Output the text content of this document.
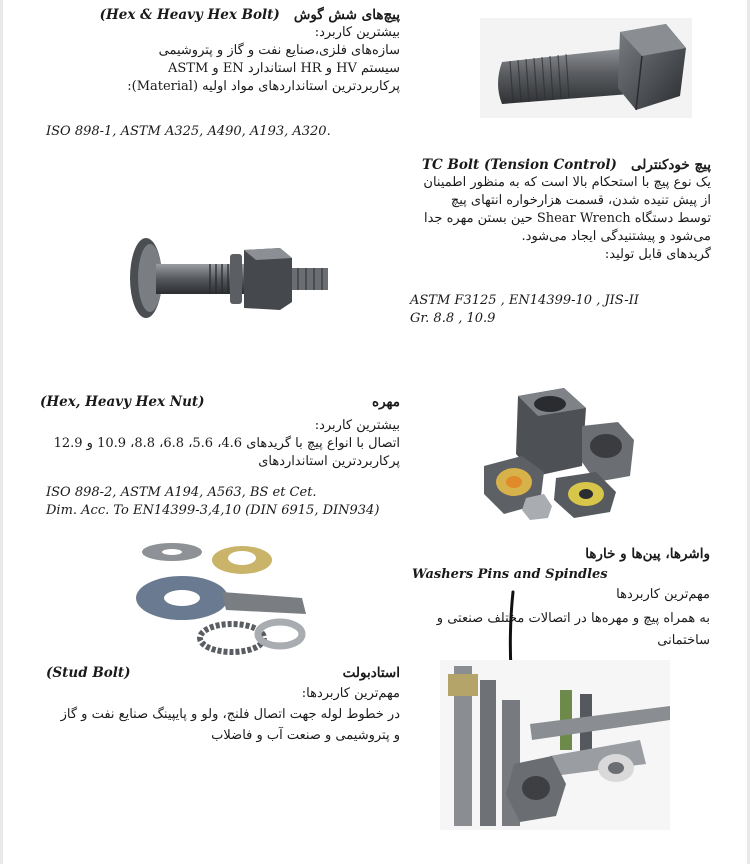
پیچ‌های شش گوش   (Hex & Heavy Hex Bolt)
بیشترین کاربرد:
سازه‌های فلزی،صنایع نفت و گاز و پتروشیمی
سیستم HV و HR استاندارد EN و ASTM
پرکاربردترین استانداردهای مواد اولیه (Material):
ISO 898-1, ASTM A325, A490, A193, A320.
پیچ خودکنترلی   TC Bolt (Tension Control)
یک نوع پیچ با استحکام بالا است که به منظور اطمینان
از پیش تنیده شدن، قسمت هزارخواره انتهای پیچ
توسط دستگاه Shear Wrench حین بستن مهره جدا
می‌شود و پیشتنیدگی ایجاد می‌شود.
گریدهای قابل تولید:
ASTM F3125 , EN14399-10 , JIS-II
Gr. 8.8 , 10.9
مهره
(Hex, Heavy Hex Nut)
بیشترین کاربرد:
اتصال با انواع پیچ با گریدهای 4.6، 5.6، 6.8، 8.8، 10.9 و 12.9
پرکاربردترین استانداردهای
ISO 898-2, ASTM A194, A563, BS et Cet.
Dim. Acc. To EN14399-3,4,10 (DIN 6915, DIN934)
واشرها، پین‌ها و خارها
Washers Pins and Spindles
مهم‌ترین کاربردها
به همراه پیچ و مهره‌ها در اتصالات مختلف صنعتی و
ساختمانی
استادبولت
(Stud Bolt)
مهم‌ترین کاربردها:
در خطوط لوله جهت اتصال فلنج، ولو و پایپینگ صنایع نفت و گاز
و پتروشیمی و صنعت آب و فاضلاب
